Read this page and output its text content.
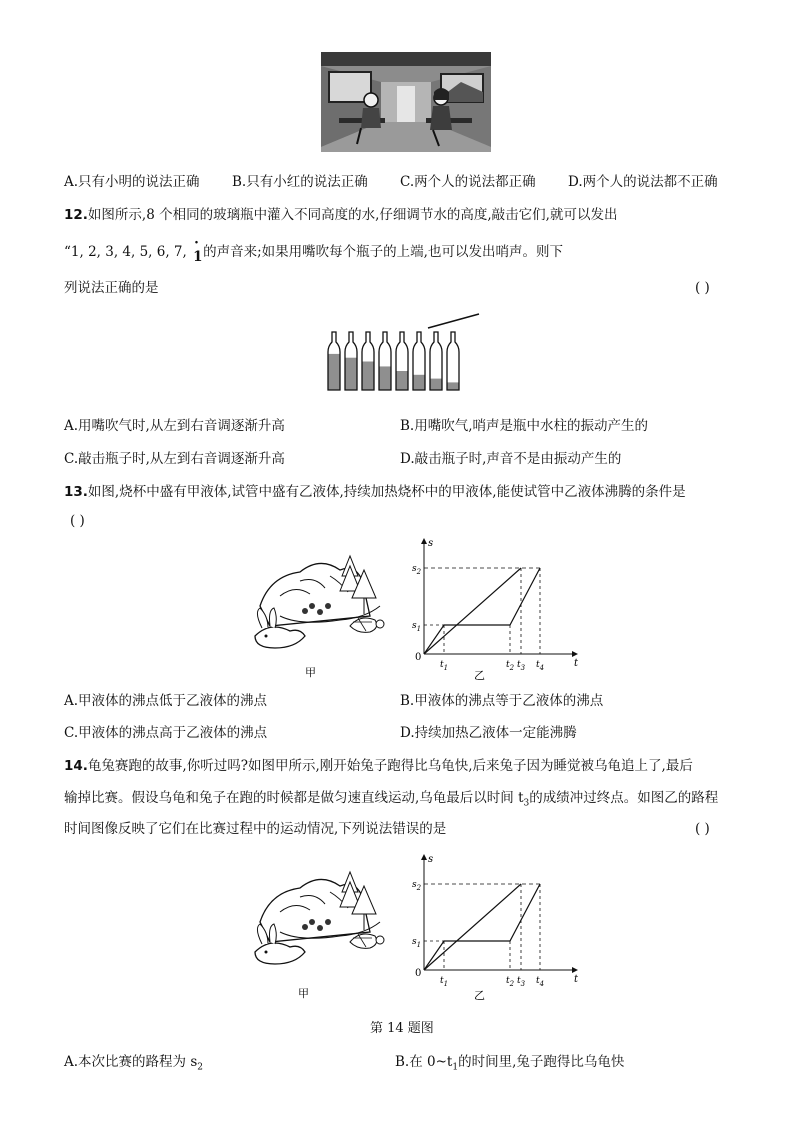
A.只有小明的说法正确 B.只有小红的说法正确 C.两个人的说法都正确 D.两个人的说法都不正确
12.如图所示,8 个相同的玻璃瓶中灌入不同高度的水,仔细调节水的高度,敲击它们,就可以发出
“1, 2, 3, 4, 5, 6, 7,
·
1 的声音来;如果用嘴吹每个瓶子的上端,也可以发出哨声。则下
列说法正确的是	( )
A.用嘴吹气时,从左到右音调逐渐升高	B.用嘴吹气,哨声是瓶中水柱的振动产生的
C.敲击瓶子时,从左到右音调逐渐升高	D.敲击瓶子时,声音不是由振动产生的
13.如图,烧杯中盛有甲液体,试管中盛有乙液体,持续加热烧杯中的甲液体,能使试管中乙液体沸腾的条件是
( )
甲
s
t
0
$s_2$
$s_1$
$t_1$	$t_2$ $t_3$ $t_4$
乙
A.甲液体的沸点低于乙液体的沸点	B.甲液体的沸点等于乙液体的沸点
C.甲液体的沸点高于乙液体的沸点	D.持续加热乙液体一定能沸腾
14.龟兔赛跑的故事,你听过吗?如图甲所示,刚开始兔子跑得比乌龟快,后来兔子因为睡觉被乌龟追上了,最后
输掉比赛。假设乌龟和兔子在跑的时候都是做匀速直线运动,乌龟最后以时间 $t_3$的成绩冲过终点。如图乙的路程
时间图像反映了它们在比赛过程中的运动情况,下列说法错误的是	( )
甲
s
t
0
$s_2$
$s_1$
$t_1$	$t_2$ $t_3$ $t_4$
乙
第 14 题图
A.本次比赛的路程为 $s_2$	B.在 $0\sim t_1$的时间里,兔子跑得比乌龟快
